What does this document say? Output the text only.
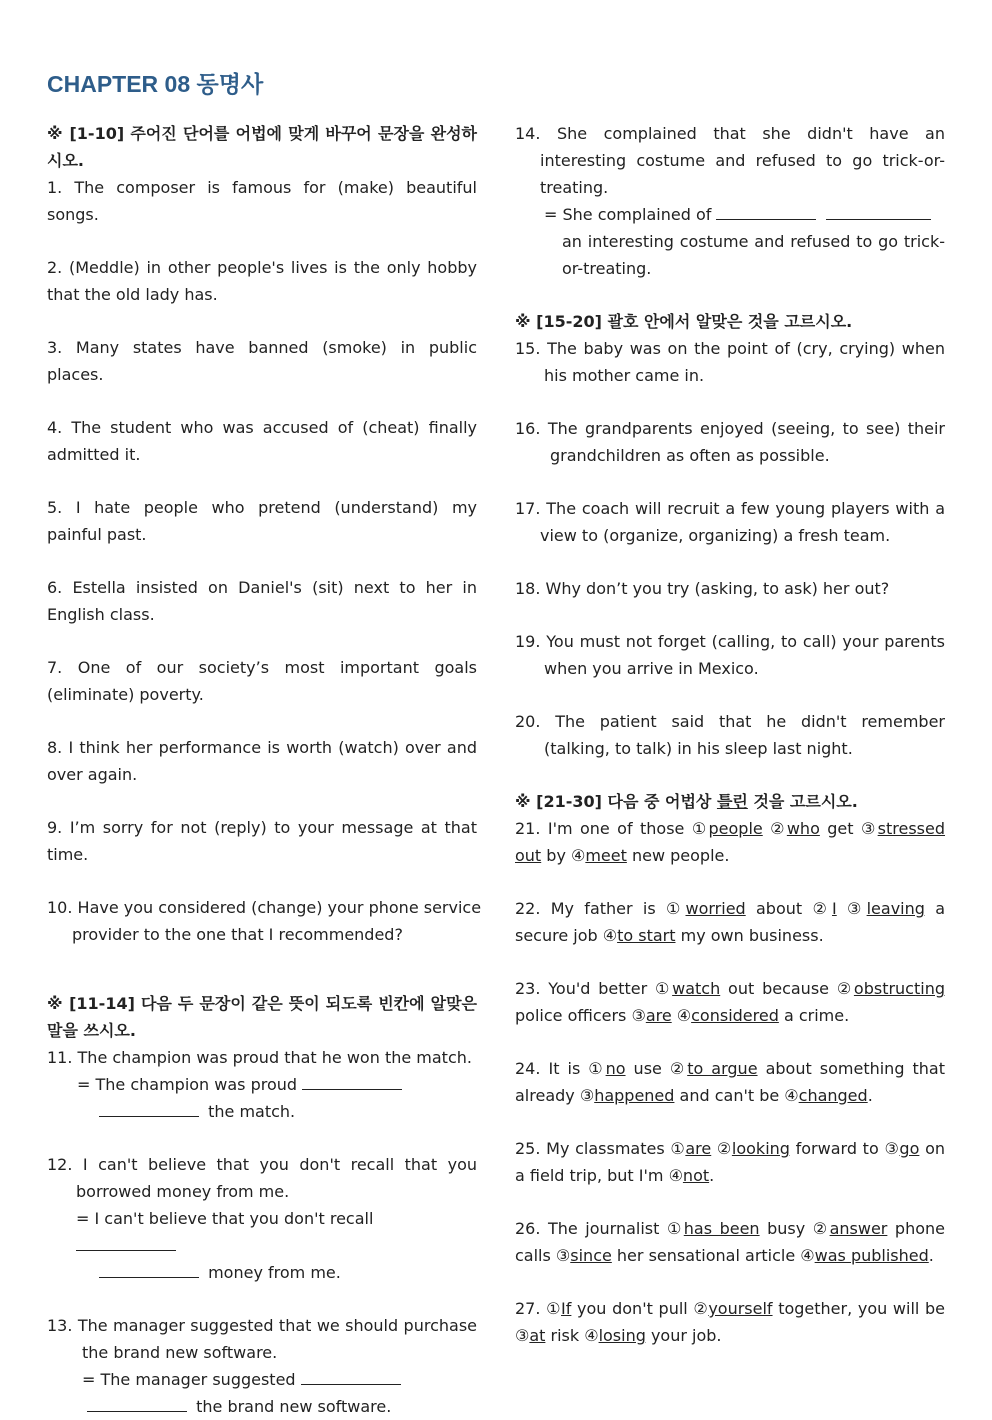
CHAPTER 08 동명사
※ [1-10] 주어진 단어를 어법에 맞게 바꾸어 문장을 완성하시오.
1. The composer is famous for (make) beautiful songs.
2. (Meddle) in other people's lives is the only hobby that the old lady has.
3. Many states have banned (smoke) in public places.
4. The student who was accused of (cheat) finally admitted it.
5. I hate people who pretend (understand) my painful past.
6. Estella insisted on Daniel's (sit) next to her in English class.
7. One of our society’s most important goals (eliminate) poverty.
8. I think her performance is worth (watch) over and over again.
9. I’m sorry for not (reply) to your message at that time.
10. Have you considered (change) your phone service provider to the one that I recommended?
※ [11-14] 다음 두 문장이 같은 뜻이 되도록 빈칸에 알맞은 말을 쓰시오.
11. The champion was proud that he won the match.
= The champion was proud
the match.
12. I can't believe that you don't recall that you borrowed money from me.
= I can't believe that you don't recall
money from me.
13. The manager suggested that we should purchase the brand new software.
= The manager suggested
the brand new software.
14. She complained that she didn't have an interesting costume and refused to go trick-or-treating.
= She complained of
an interesting costume and refused to go trick-or-treating.
※ [15-20] 괄호 안에서 알맞은 것을 고르시오.
15. The baby was on the point of (cry, crying) when his mother came in.
16. The grandparents enjoyed (seeing, to see) their grandchildren as often as possible.
17. The coach will recruit a few young players with a view to (organize, organizing) a fresh team.
18. Why don’t you try (asking, to ask) her out?
19. You must not forget (calling, to call) your parents when you arrive in Mexico.
20. The patient said that he didn't remember (talking, to talk) in his sleep last night.
※ [21-30] 다음 중 어법상 틀린 것을 고르시오.
21. I'm one of those ①people ②who get ③stressed out by ④meet new people.
22. My father is ①worried about ②I ③leaving a secure job ④to start my own business.
23. You'd better ①watch out because ②obstructing police officers ③are ④considered a crime.
24. It is ①no use ②to argue about something that already ③happened and can't be ④changed.
25. My classmates ①are ②looking forward to ③go on a field trip, but I'm ④not.
26. The journalist ①has been busy ②answer phone calls ③since her sensational article ④was published.
27. ①If you don't pull ②yourself together, you will be ③at risk ④losing your job.
